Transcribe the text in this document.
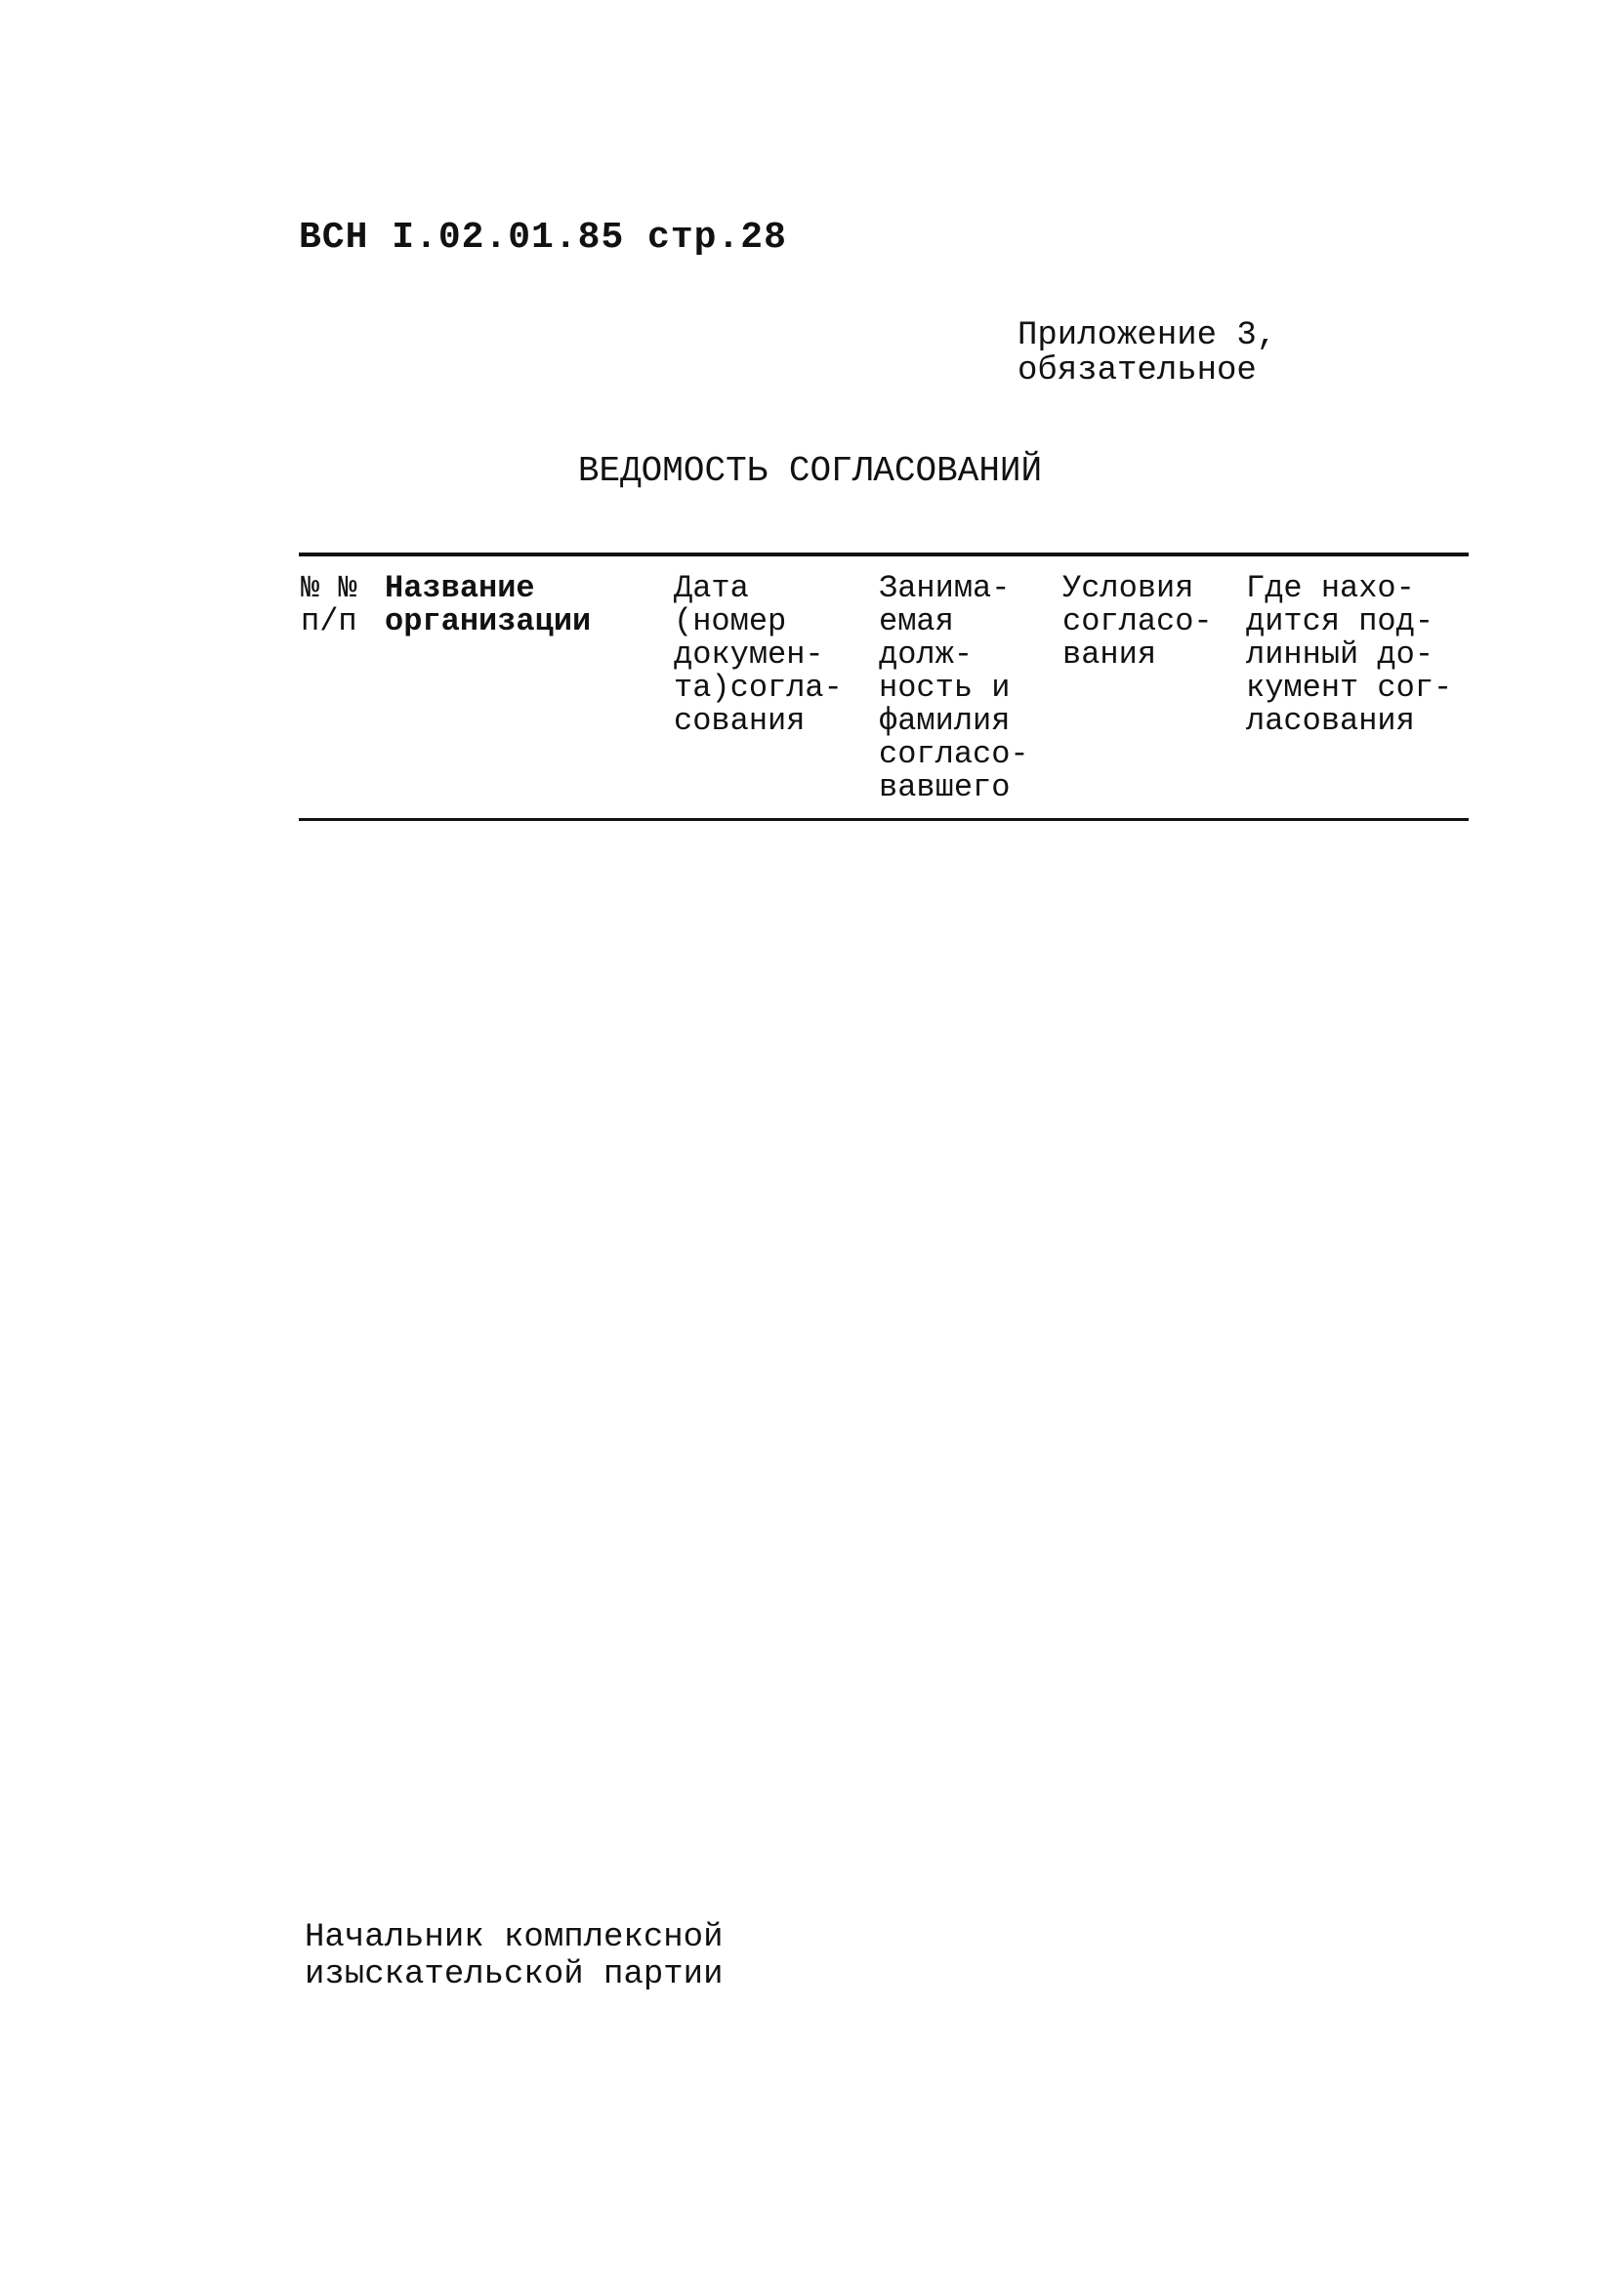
ВСН I.02.01.85 стр.28
Приложение 3,
обязательное
ВЕДОМОСТЬ СОГЛАСОВАНИЙ
№ №
п/п
Название
организации
Дата
(номер
докумен-
та)согла-
сования
Занима-
емая
долж-
ность и
фамилия
согласо-
вавшего
Условия
согласо-
вания
Где нахо-
дится под-
линный до-
кумент сог-
ласования
Начальник комплексной
изыскательской партии
